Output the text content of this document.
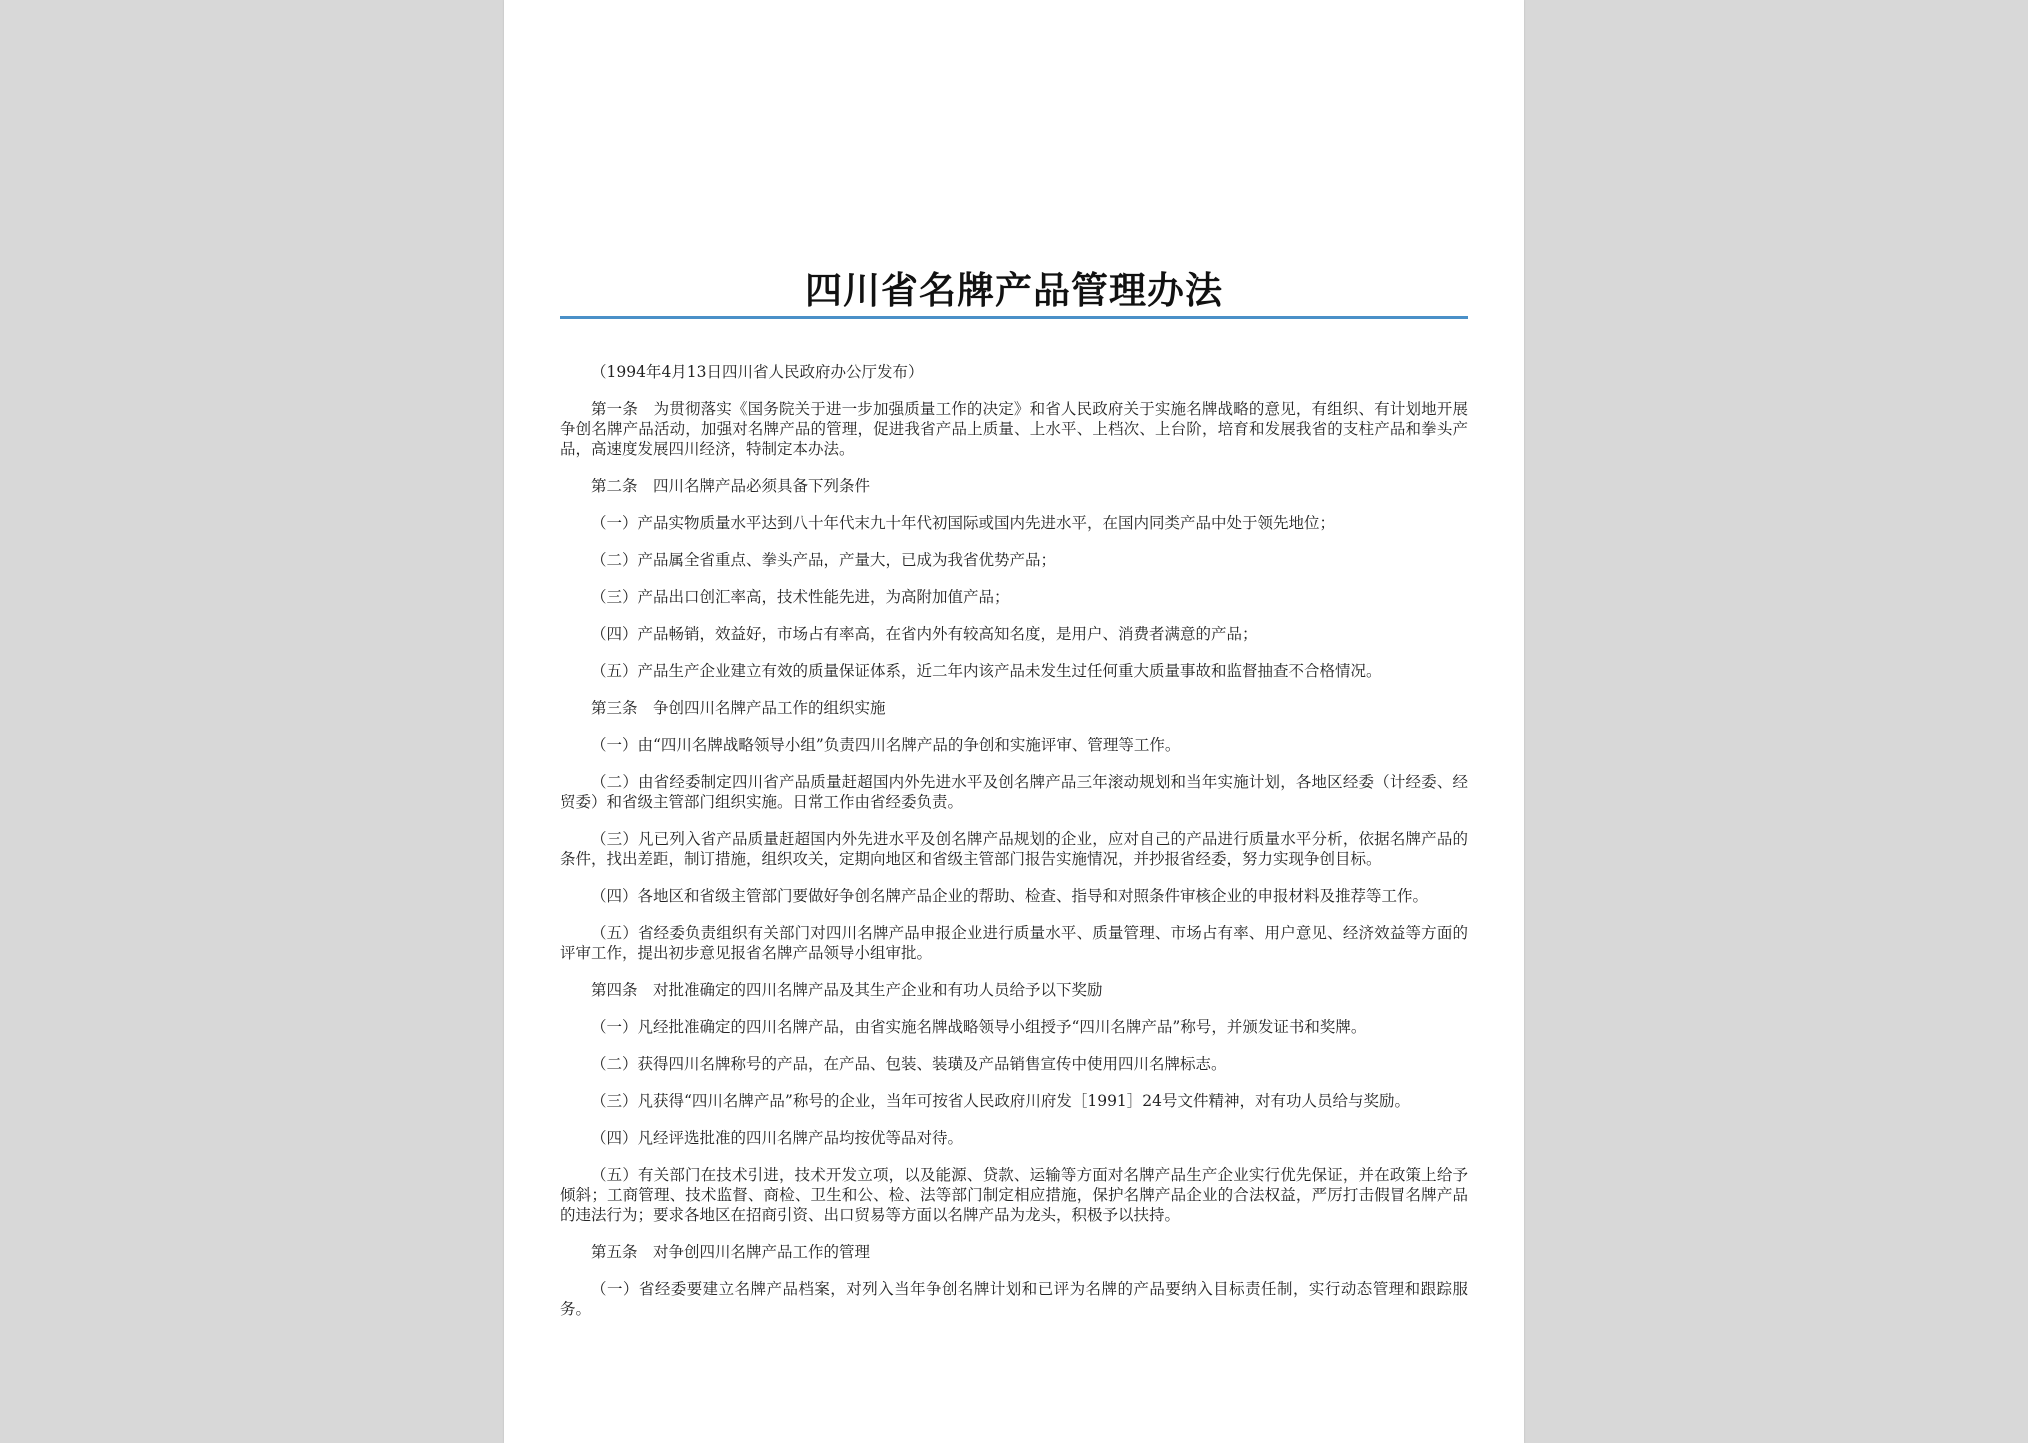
四川省名牌产品管理办法

（1994年4月13日四川省人民政府办公厅发布）

第一条　为贯彻落实《国务院关于进一步加强质量工作的决定》和省人民政府关于实施名牌战略的意见，有组织、有计划地开展争创名牌产品活动，加强对名牌产品的管理，促进我省产品上质量、上水平、上档次、上台阶，培育和发展我省的支柱产品和拳头产品，高速度发展四川经济，特制定本办法。

第二条　四川名牌产品必须具备下列条件

（一）产品实物质量水平达到八十年代末九十年代初国际或国内先进水平，在国内同类产品中处于领先地位；

（二）产品属全省重点、拳头产品，产量大，已成为我省优势产品；

（三）产品出口创汇率高，技术性能先进，为高附加值产品；

（四）产品畅销，效益好，市场占有率高，在省内外有较高知名度，是用户、消费者满意的产品；

（五）产品生产企业建立有效的质量保证体系，近二年内该产品未发生过任何重大质量事故和监督抽查不合格情况。

第三条　争创四川名牌产品工作的组织实施

（一）由“四川名牌战略领导小组”负责四川名牌产品的争创和实施评审、管理等工作。

（二）由省经委制定四川省产品质量赶超国内外先进水平及创名牌产品三年滚动规划和当年实施计划，各地区经委（计经委、经贸委）和省级主管部门组织实施。日常工作由省经委负责。

（三）凡已列入省产品质量赶超国内外先进水平及创名牌产品规划的企业，应对自己的产品进行质量水平分析，依据名牌产品的条件，找出差距，制订措施，组织攻关，定期向地区和省级主管部门报告实施情况，并抄报省经委，努力实现争创目标。

（四）各地区和省级主管部门要做好争创名牌产品企业的帮助、检查、指导和对照条件审核企业的申报材料及推荐等工作。

（五）省经委负责组织有关部门对四川名牌产品申报企业进行质量水平、质量管理、市场占有率、用户意见、经济效益等方面的评审工作，提出初步意见报省名牌产品领导小组审批。

第四条　对批准确定的四川名牌产品及其生产企业和有功人员给予以下奖励

（一）凡经批准确定的四川名牌产品，由省实施名牌战略领导小组授予“四川名牌产品”称号，并颁发证书和奖牌。

（二）获得四川名牌称号的产品，在产品、包装、装璜及产品销售宣传中使用四川名牌标志。

（三）凡获得“四川名牌产品”称号的企业，当年可按省人民政府川府发［1991］24号文件精神，对有功人员给与奖励。

（四）凡经评选批准的四川名牌产品均按优等品对待。

（五）有关部门在技术引进，技术开发立项，以及能源、贷款、运输等方面对名牌产品生产企业实行优先保证，并在政策上给予倾斜；工商管理、技术监督、商检、卫生和公、检、法等部门制定相应措施，保护名牌产品企业的合法权益，严厉打击假冒名牌产品的违法行为；要求各地区在招商引资、出口贸易等方面以名牌产品为龙头，积极予以扶持。

第五条　对争创四川名牌产品工作的管理

（一）省经委要建立名牌产品档案，对列入当年争创名牌计划和已评为名牌的产品要纳入目标责任制，实行动态管理和跟踪服务。
